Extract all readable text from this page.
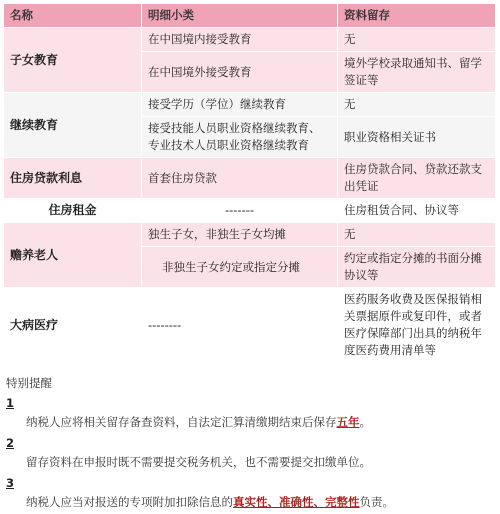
名称	明细小类	资料留存
子女教育	在中国境内接受教育	无
	在中国境外接受教育	境外学校录取通知书、留学签证等
继续教育	接受学历（学位）继续教育	无
	接受技能人员职业资格继续教育、专业技术人员职业资格继续教育	职业资格相关证书
住房贷款利息	首套住房贷款	住房贷款合同、贷款还款支出凭证
住房租金	-------	住房租赁合同、协议等
赡养老人	独生子女，非独生子女均摊	无
	非独生子女约定或指定分摊	约定或指定分摊的书面分摊协议等
大病医疗	--------	医药服务收费及医保报销相关票据原件或复印件，或者医疗保障部门出具的纳税年度医药费用清单等
特别提醒
1
纳税人应将相关留存备查资料，自法定汇算清缴期结束后保存五年。
2
留存资料在申报时既不需要提交税务机关，也不需要提交扣缴单位。
3
纳税人应当对报送的专项附加扣除信息的真实性、准确性、完整性负责。
